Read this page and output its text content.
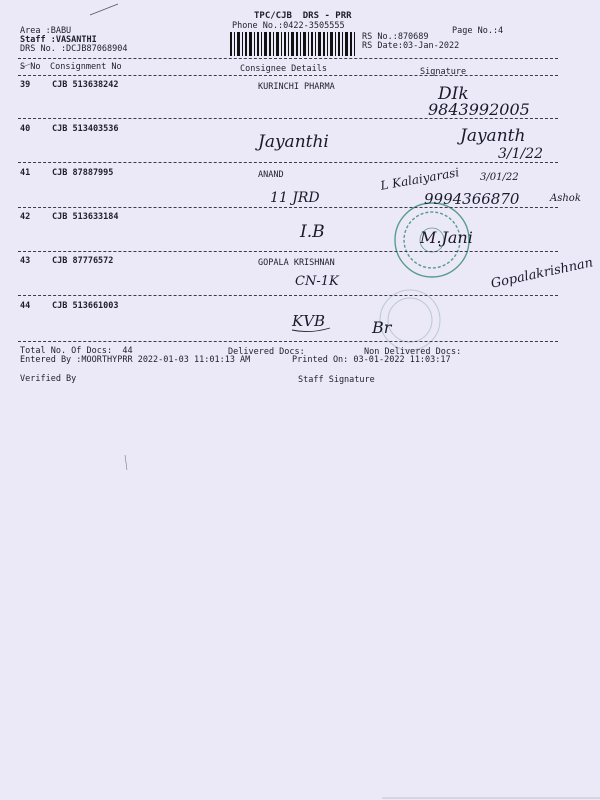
Area :BABU
Staff :VASANTHI
DRS No. :DCJB87068904
TPC/CJB  DRS - PRR
Phone No.:0422-3505555	Page No.:4
RS No.:870689
RS Date:03-Jan-2022
S No Consignment No	Consignee Details	Signature
39	CJB 513638242	KURINCHI PHARMA	DIk
9843992005
40	CJB 513403536
Jayanthi	Jayanth
3/1/22
41	CJB 87887995	ANAND
11 JRD
L Kalaiyarasi 3/01/22
9994366870	Ashok
42	CJB 513633184
I.B	M.Jani
43	CJB 87776572	GOPALA KRISHNAN
CN-1K	Gopalakrishnan
44	CJB 513661003
KVB	Br
Total No. Of Docs:  44	Delivered Docs:	Non Delivered Docs:
Entered By :MOORTHYPRR 2022-01-03 11:01:13 AM	Printed On: 03-01-2022 11:03:17
Verified By	Staff Signature
